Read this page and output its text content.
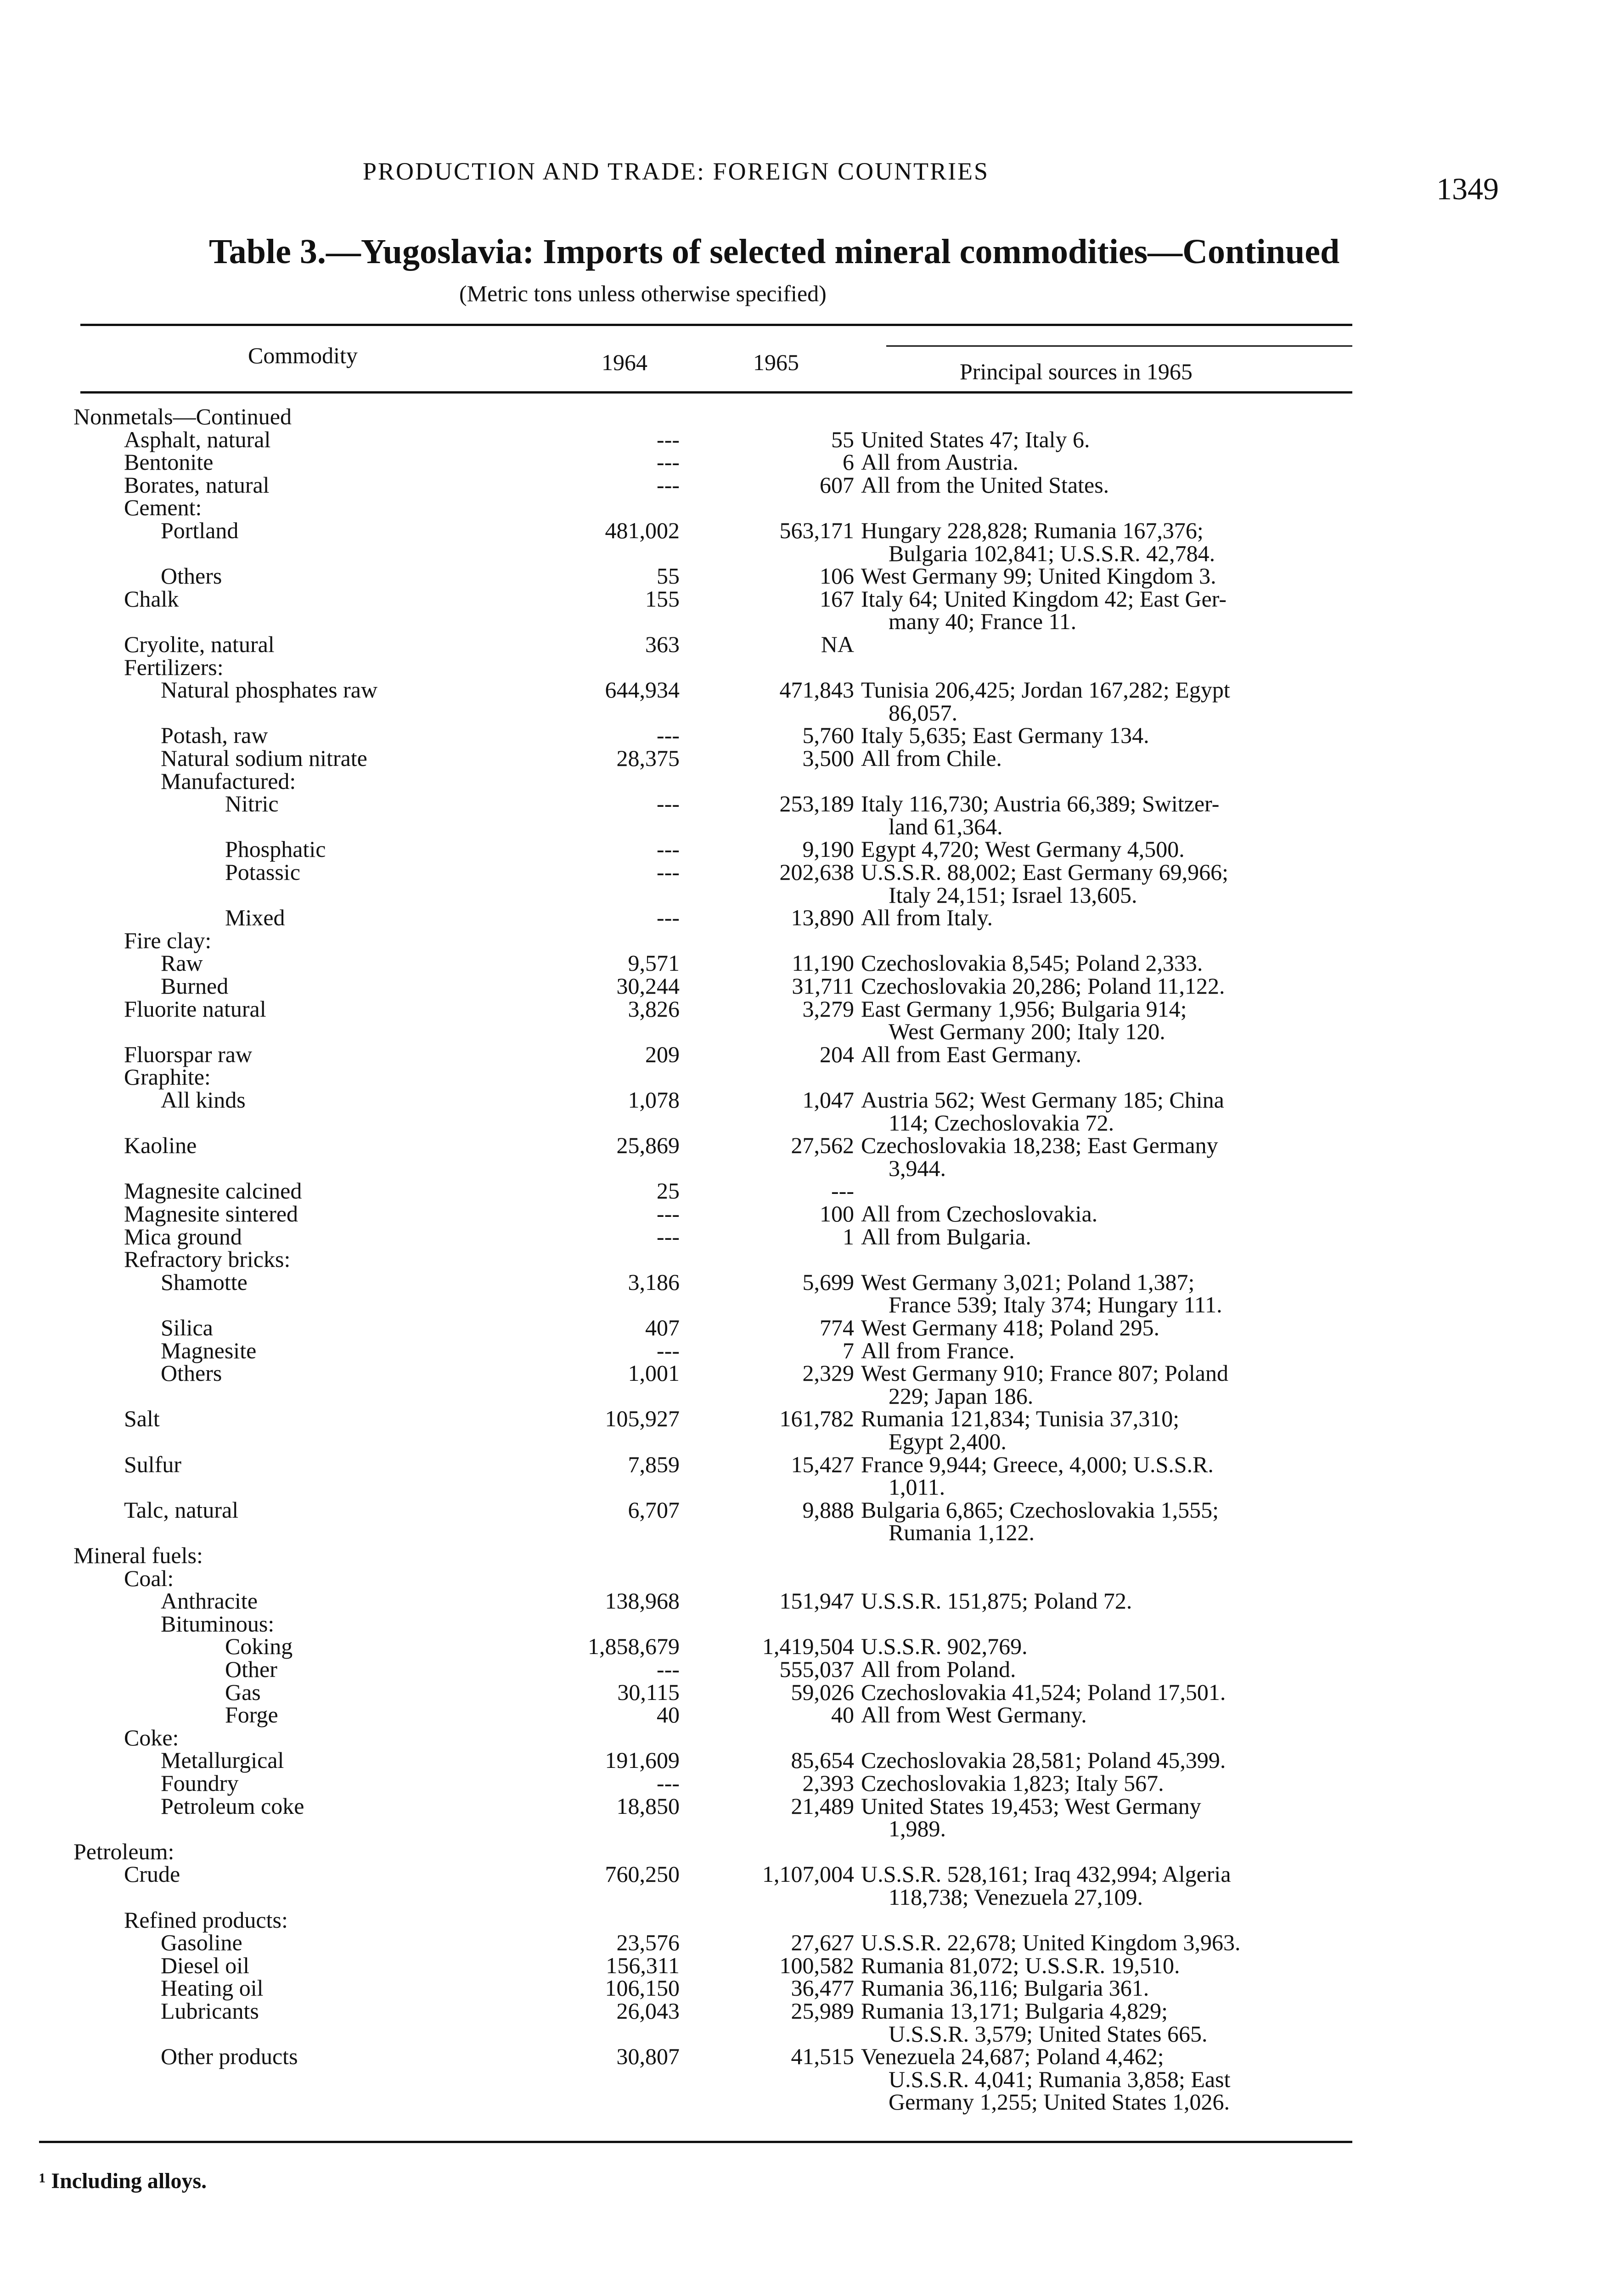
PRODUCTION AND TRADE: FOREIGN COUNTRIES	1349
Table 3.—Yugoslavia: Imports of selected mineral commodities—Continued
(Metric tons unless otherwise specified)
Commodity	1964	1965	Principal sources in 1965
Nonmetals—Continued
Asphalt, natural	---	55 United States 47; Italy 6.
Bentonite	---	6 All from Austria.
Borates, natural	---	607 All from the United States.
Cement:
Portland	481,002	563,171 Hungary 228,828; Rumania 167,376;
Bulgaria 102,841; U.S.S.R. 42,784.
Others	55	106 West Germany 99; United Kingdom 3.
Chalk	155	167 Italy 64; United Kingdom 42; East Ger-
many 40; France 11.
Cryolite, natural	363	NA
Fertilizers:
Natural phosphates raw	644,934	471,843 Tunisia 206,425; Jordan 167,282; Egypt
86,057.
Potash, raw	---	5,760 Italy 5,635; East Germany 134.
Natural sodium nitrate	28,375	3,500 All from Chile.
Manufactured:
Nitric	---	253,189 Italy 116,730; Austria 66,389; Switzer-
land 61,364.
Phosphatic	---	9,190 Egypt 4,720; West Germany 4,500.
Potassic	---	202,638 U.S.S.R. 88,002; East Germany 69,966;
Italy 24,151; Israel 13,605.
Mixed	---	13,890 All from Italy.
Fire clay:
Raw	9,571	11,190 Czechoslovakia 8,545; Poland 2,333.
Burned	30,244	31,711 Czechoslovakia 20,286; Poland 11,122.
Fluorite natural	3,826	3,279 East Germany 1,956; Bulgaria 914;
West Germany 200; Italy 120.
Fluorspar raw	209	204 All from East Germany.
Graphite:
All kinds	1,078	1,047 Austria 562; West Germany 185; China
114; Czechoslovakia 72.
Kaoline	25,869	27,562 Czechoslovakia 18,238; East Germany
3,944.
Magnesite calcined	25	---
Magnesite sintered	---	100 All from Czechoslovakia.
Mica ground	---	1 All from Bulgaria.
Refractory bricks:
Shamotte	3,186	5,699 West Germany 3,021; Poland 1,387;
France 539; Italy 374; Hungary 111.
Silica	407	774 West Germany 418; Poland 295.
Magnesite	---	7 All from France.
Others	1,001	2,329 West Germany 910; France 807; Poland
229; Japan 186.
Salt	105,927	161,782 Rumania 121,834; Tunisia 37,310;
Egypt 2,400.
Sulfur	7,859	15,427 France 9,944; Greece, 4,000; U.S.S.R.
1,011.
Talc, natural	6,707	9,888 Bulgaria 6,865; Czechoslovakia 1,555;
Rumania 1,122.
Mineral fuels:
Coal:
Anthracite	138,968	151,947 U.S.S.R. 151,875; Poland 72.
Bituminous:
Coking	1,858,679	1,419,504 U.S.S.R. 902,769.
Other	---	555,037 All from Poland.
Gas	30,115	59,026 Czechoslovakia 41,524; Poland 17,501.
Forge	40	40 All from West Germany.
Coke:
Metallurgical	191,609	85,654 Czechoslovakia 28,581; Poland 45,399.
Foundry	---	2,393 Czechoslovakia 1,823; Italy 567.
Petroleum coke	18,850	21,489 United States 19,453; West Germany
1,989.
Petroleum:
Crude	760,250	1,107,004 U.S.S.R. 528,161; Iraq 432,994; Algeria
118,738; Venezuela 27,109.
Refined products:
Gasoline	23,576	27,627 U.S.S.R. 22,678; United Kingdom 3,963.
Diesel oil	156,311	100,582 Rumania 81,072; U.S.S.R. 19,510.
Heating oil	106,150	36,477 Rumania 36,116; Bulgaria 361.
Lubricants	26,043	25,989 Rumania 13,171; Bulgaria 4,829;
U.S.S.R. 3,579; United States 665.
Other products	30,807	41,515 Venezuela 24,687; Poland 4,462;
U.S.S.R. 4,041; Rumania 3,858; East
Germany 1,255; United States 1,026.
¹ Including alloys.
